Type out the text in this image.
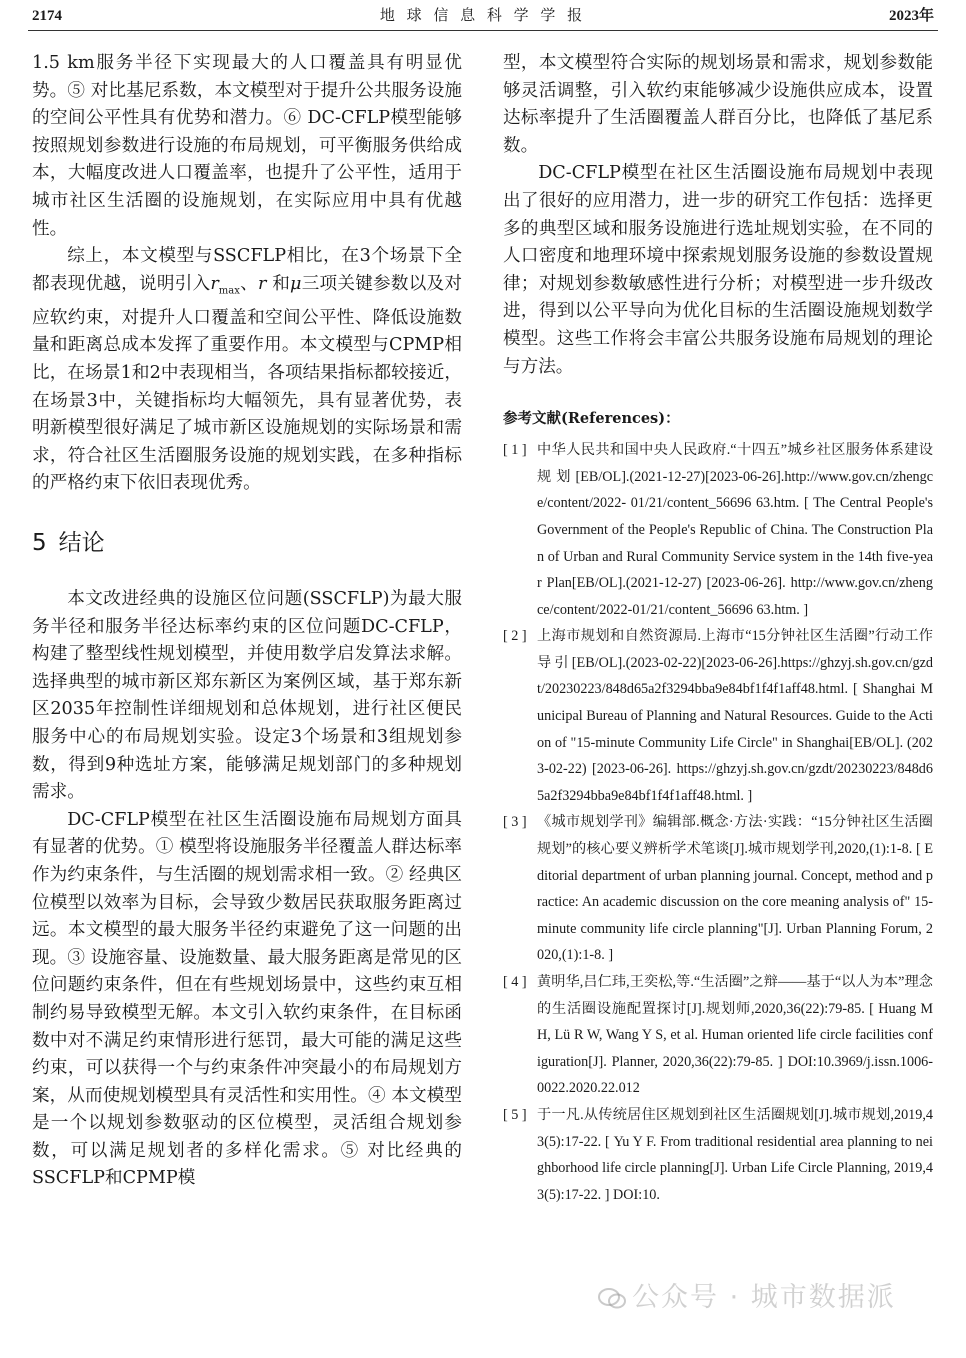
2174	地 球 信 息 科 学 学 报	2023年

1.5 km服务半径下实现最大的人口覆盖具有明显优势。⑤ 对比基尼系数，本文模型对于提升公共服务设施的空间公平性具有优势和潜力。⑥ DC-CFLP模型能够按照规划参数进行设施的布局规划，可平衡服务供给成本，大幅度改进人口覆盖率，也提升了公平性，适用于城市社区生活圈的设施规划，在实际应用中具有优越性。

综上，本文模型与SSCFLP相比，在3个场景下全都表现优越，说明引入$r_{max}$、r 和μ三项关键参数以及对应软约束，对提升人口覆盖和空间公平性、降低设施数量和距离总成本发挥了重要作用。本文模型与CPMP相比，在场景1和2中表现相当，各项结果指标都较接近，在场景3中，关键指标均大幅领先，具有显著优势，表明新模型很好满足了城市新区设施规划的实际场景和需求，符合社区生活圈服务设施的规划实践，在多种指标的严格约束下依旧表现优秀。

5 结论

本文改进经典的设施区位问题(SSCFLP)为最大服务半径和服务半径达标率约束的区位问题DC-CFLP，构建了整型线性规划模型，并使用数学启发算法求解。选择典型的城市新区郑东新区为案例区域，基于郑东新区2035年控制性详细规划和总体规划，进行社区便民服务中心的布局规划实验。设定3个场景和3组规划参数，得到9种选址方案，能够满足规划部门的多种规划需求。

DC-CFLP模型在社区生活圈设施布局规划方面具有显著的优势。① 模型将设施服务半径覆盖人群达标率作为约束条件，与生活圈的规划需求相一致。② 经典区位模型以效率为目标，会导致少数居民获取服务距离过远。本文模型的最大服务半径约束避免了这一问题的出现。③ 设施容量、设施数量、最大服务距离是常见的区位问题约束条件，但在有些规划场景中，这些约束互相制约易导致模型无解。本文引入软约束条件，在目标函数中对不满足约束情形进行惩罚，最大可能的满足这些约束，可以获得一个与约束条件冲突最小的布局规划方案，从而使规划模型具有灵活性和实用性。④ 本文模型是一个以规划参数驱动的区位模型，灵活组合规划参数，可以满足规划者的多样化需求。⑤ 对比经典的SSCFLP和CPMP模

型，本文模型符合实际的规划场景和需求，规划参数能够灵活调整，引入软约束能够减少设施供应成本，设置达标率提升了生活圈覆盖人群百分比，也降低了基尼系数。

DC-CFLP模型在社区生活圈设施布局规划中表现出了很好的应用潜力，进一步的研究工作包括：选择更多的典型区域和服务设施进行选址规划实验，在不同的人口密度和地理环境中探索规划服务设施的参数设置规律；对规划参数敏感性进行分析；对模型进一步升级改进，得到以公平导向为优化目标的生活圈设施规划数学模型。这些工作将会丰富公共服务设施布局规划的理论与方法。

参考文献(References)：

[ 1 ] 中华人民共和国中央人民政府.“十四五”城乡社区服务体系建设规划[EB/OL].(2021-12-27)[2023-06-26].http://www.gov.cn/zhengce/content/2022- 01/21/content_56696 63.htm. [ The Central People's Government of the People's Republic of China. The Construction Plan of Urban and Rural Community Service system in the 14th five-year Plan[EB/OL].(2021-12-27) [2023-06-26]. http://www.gov.cn/zhengce/content/2022-01/21/content_56696 63.htm. ]

[ 2 ] 上海市规划和自然资源局.上海市“15分钟社区生活圈”行动工作导引[EB/OL].(2023-02-22)[2023-06-26].https://ghzyj.sh.gov.cn/gzdt/20230223/848d65a2f3294bba9e84bf1f4f1aff48.html. [ Shanghai Municipal Bureau of Planning and Natural Resources. Guide to the Action of "15-minute Community Life Circle" in Shanghai[EB/OL]. (2023-02-22) [2023-06-26]. https://ghzyj.sh.gov.cn/gzdt/20230223/848d65a2f3294bba9e84bf1f4f1aff48.html. ]

[ 3 ] 《城市规划学刊》编辑部.概念·方法·实践：“15分钟社区生活圈规划”的核心要义辨析学术笔谈[J].城市规划学刊,2020,(1):1-8. [ Editorial department of urban planning journal. Concept, method and practice: An academic discussion on the core meaning analysis of" 15-minute community life circle planning"[J]. Urban Planning Forum, 2020,(1):1-8. ]

[ 4 ] 黄明华,吕仁玮,王奕松,等.“生活圈”之辩——基于“以人为本”理念的生活圈设施配置探讨[J].规划师,2020,36(22):79-85. [ Huang M H, Lü R W, Wang Y S, et al. Human oriented life circle facilities configuration[J]. Planner, 2020,36(22):79-85. ] DOI:10.3969/j.issn.1006-0022.2020.22.012

[ 5 ] 于一凡.从传统居住区规划到社区生活圈规划[J].城市规划,2019,43(5):17-22. [ Yu Y F. From traditional residential area planning to neighborhood life circle planning[J]. Urban Life Circle Planning, 2019,43(5):17-22. ] DOI:10.

公众号 · 城市数据派
